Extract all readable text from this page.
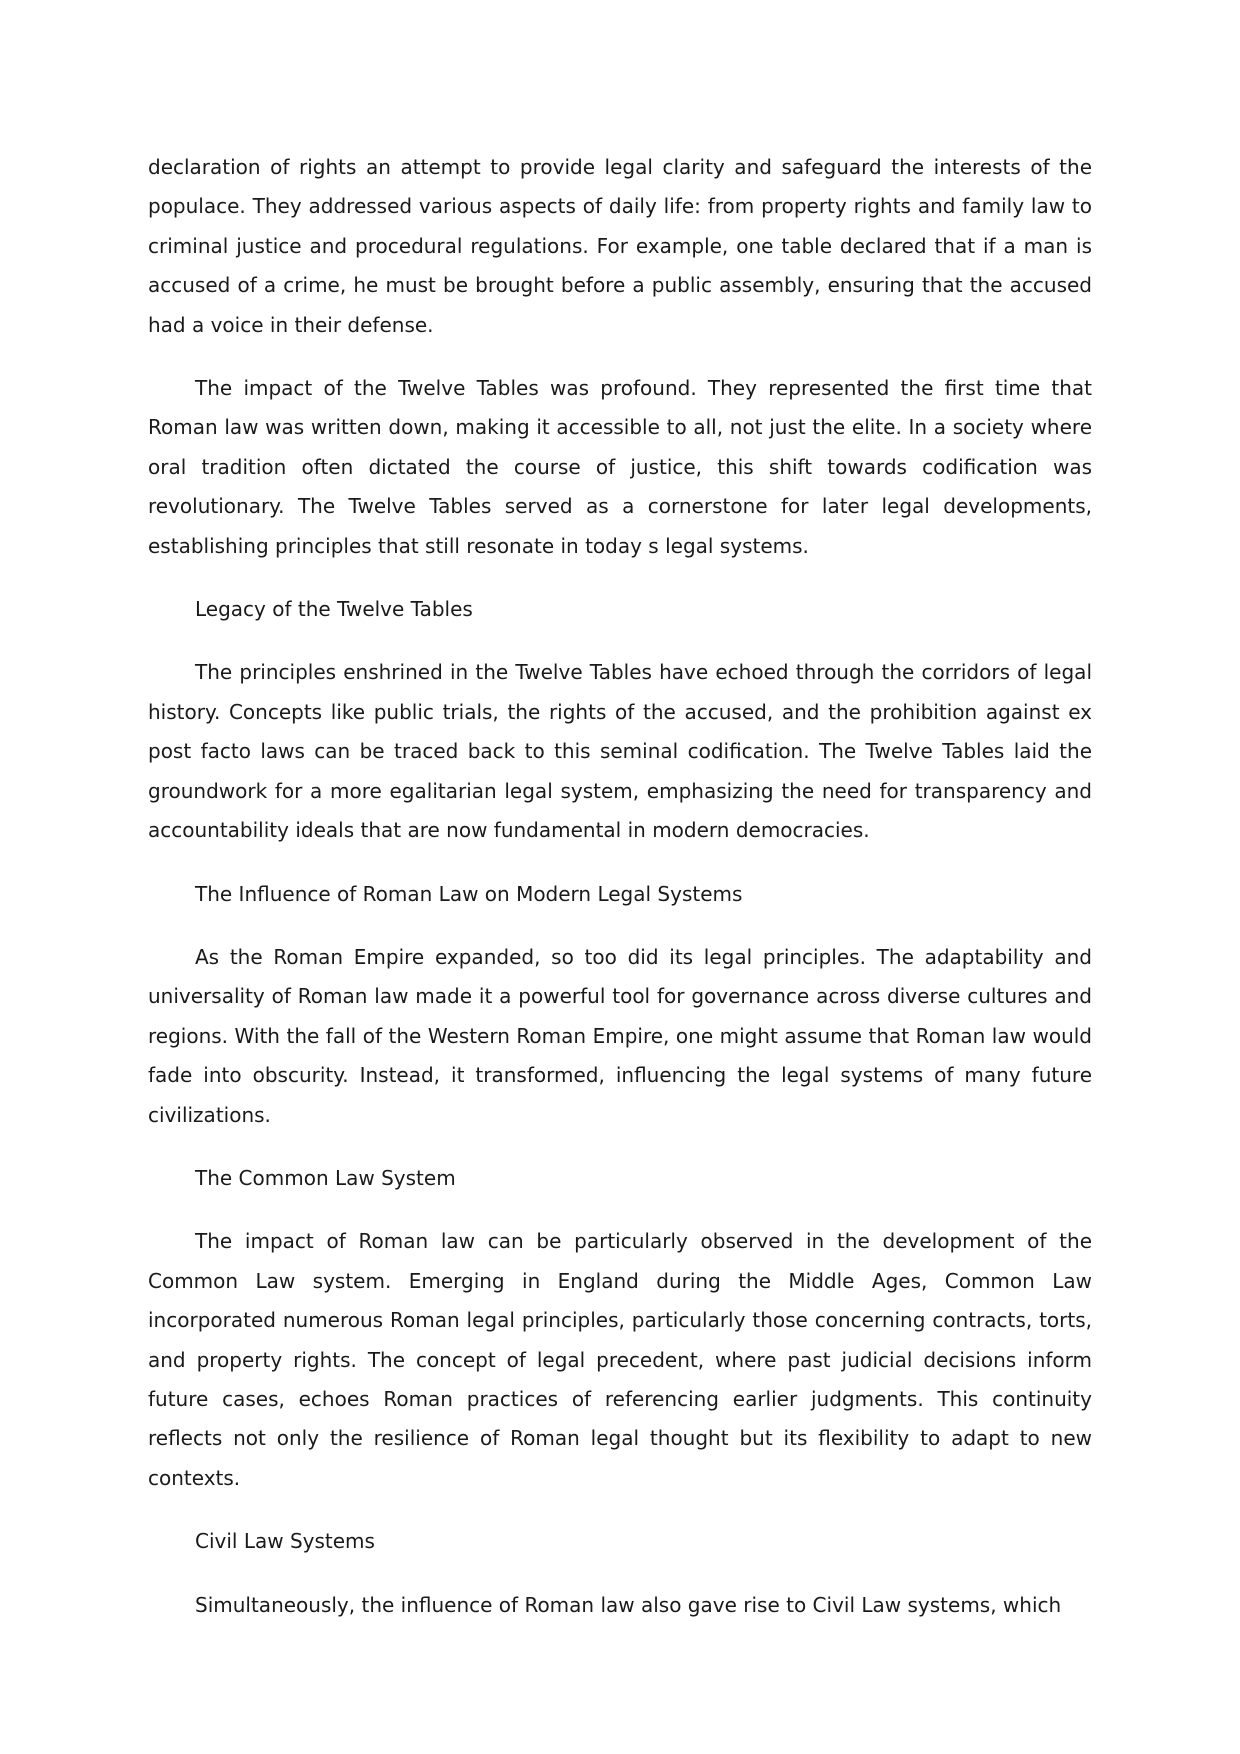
declaration of rights an attempt to provide legal clarity and safeguard the interests of the populace. They addressed various aspects of daily life: from property rights and family law to criminal justice and procedural regulations. For example, one table declared that if a man is accused of a crime, he must be brought before a public assembly, ensuring that the accused had a voice in their defense.

The impact of the Twelve Tables was profound. They represented the first time that Roman law was written down, making it accessible to all, not just the elite. In a society where oral tradition often dictated the course of justice, this shift towards codification was revolutionary. The Twelve Tables served as a cornerstone for later legal developments, establishing principles that still resonate in today s legal systems.

Legacy of the Twelve Tables

The principles enshrined in the Twelve Tables have echoed through the corridors of legal history. Concepts like public trials, the rights of the accused, and the prohibition against ex post facto laws can be traced back to this seminal codification. The Twelve Tables laid the groundwork for a more egalitarian legal system, emphasizing the need for transparency and accountability ideals that are now fundamental in modern democracies.

The Influence of Roman Law on Modern Legal Systems

As the Roman Empire expanded, so too did its legal principles. The adaptability and universality of Roman law made it a powerful tool for governance across diverse cultures and regions. With the fall of the Western Roman Empire, one might assume that Roman law would fade into obscurity. Instead, it transformed, influencing the legal systems of many future civilizations.

The Common Law System

The impact of Roman law can be particularly observed in the development of the Common Law system. Emerging in England during the Middle Ages, Common Law incorporated numerous Roman legal principles, particularly those concerning contracts, torts, and property rights. The concept of legal precedent, where past judicial decisions inform future cases, echoes Roman practices of referencing earlier judgments. This continuity reflects not only the resilience of Roman legal thought but its flexibility to adapt to new contexts.

Civil Law Systems

Simultaneously, the influence of Roman law also gave rise to Civil Law systems, which
